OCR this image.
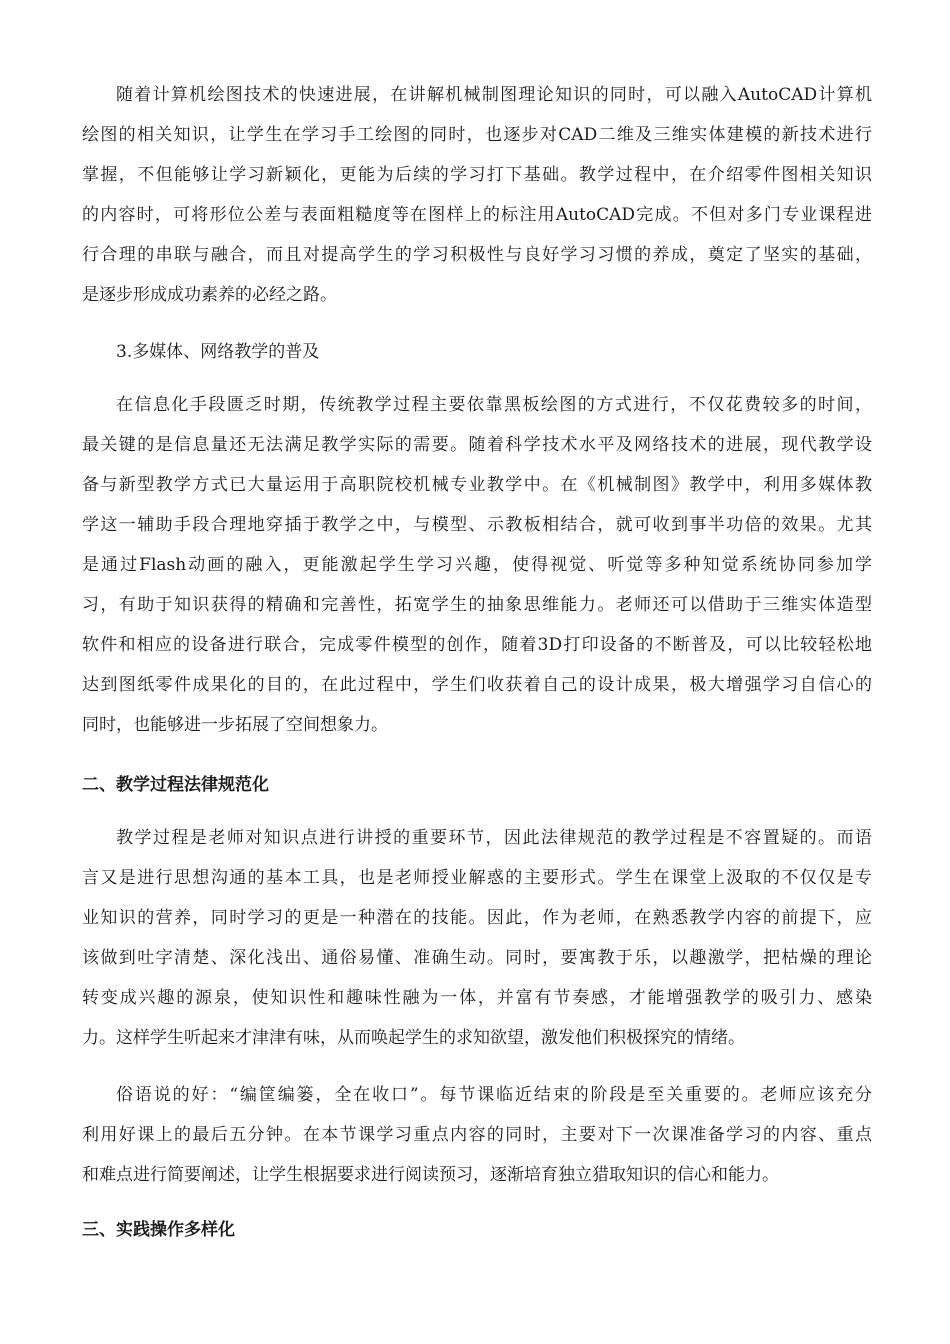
随着计算机绘图技术的快速进展，在讲解机械制图理论知识的同时，可以融入AutoCAD计算机
绘图的相关知识，让学生在学习手工绘图的同时，也逐步对CAD二维及三维实体建模的新技术进行
掌握，不但能够让学习新颖化，更能为后续的学习打下基础。教学过程中，在介绍零件图相关知识
的内容时，可将形位公差与表面粗糙度等在图样上的标注用AutoCAD完成。不但对多门专业课程进
行合理的串联与融合，而且对提高学生的学习积极性与良好学习习惯的养成，奠定了坚实的基础，
是逐步形成成功素养的必经之路。
3.多媒体、网络教学的普及
在信息化手段匮乏时期，传统教学过程主要依靠黑板绘图的方式进行，不仅花费较多的时间，
最关键的是信息量还无法满足教学实际的需要。随着科学技术水平及网络技术的进展，现代教学设
备与新型教学方式已大量运用于高职院校机械专业教学中。在《机械制图》教学中，利用多媒体教
学这一辅助手段合理地穿插于教学之中，与模型、示教板相结合，就可收到事半功倍的效果。尤其
是通过Flash动画的融入，更能激起学生学习兴趣，使得视觉、听觉等多种知觉系统协同参加学
习，有助于知识获得的精确和完善性，拓宽学生的抽象思维能力。老师还可以借助于三维实体造型
软件和相应的设备进行联合，完成零件模型的创作，随着3D打印设备的不断普及，可以比较轻松地
达到图纸零件成果化的目的，在此过程中，学生们收获着自己的设计成果，极大增强学习自信心的
同时，也能够进一步拓展了空间想象力。
二、教学过程法律规范化
教学过程是老师对知识点进行讲授的重要环节，因此法律规范的教学过程是不容置疑的。而语
言又是进行思想沟通的基本工具，也是老师授业解惑的主要形式。学生在课堂上汲取的不仅仅是专
业知识的营养，同时学习的更是一种潜在的技能。因此，作为老师，在熟悉教学内容的前提下，应
该做到吐字清楚、深化浅出、通俗易懂、准确生动。同时，要寓教于乐，以趣激学，把枯燥的理论
转变成兴趣的源泉，使知识性和趣味性融为一体，并富有节奏感，才能增强教学的吸引力、感染
力。这样学生听起来才津津有味，从而唤起学生的求知欲望，激发他们积极探究的情绪。
俗语说的好：“编筐编篓，全在收口”。每节课临近结束的阶段是至关重要的。老师应该充分
利用好课上的最后五分钟。在本节课学习重点内容的同时，主要对下一次课准备学习的内容、重点
和难点进行简要阐述，让学生根据要求进行阅读预习，逐渐培育独立猎取知识的信心和能力。
三、实践操作多样化
